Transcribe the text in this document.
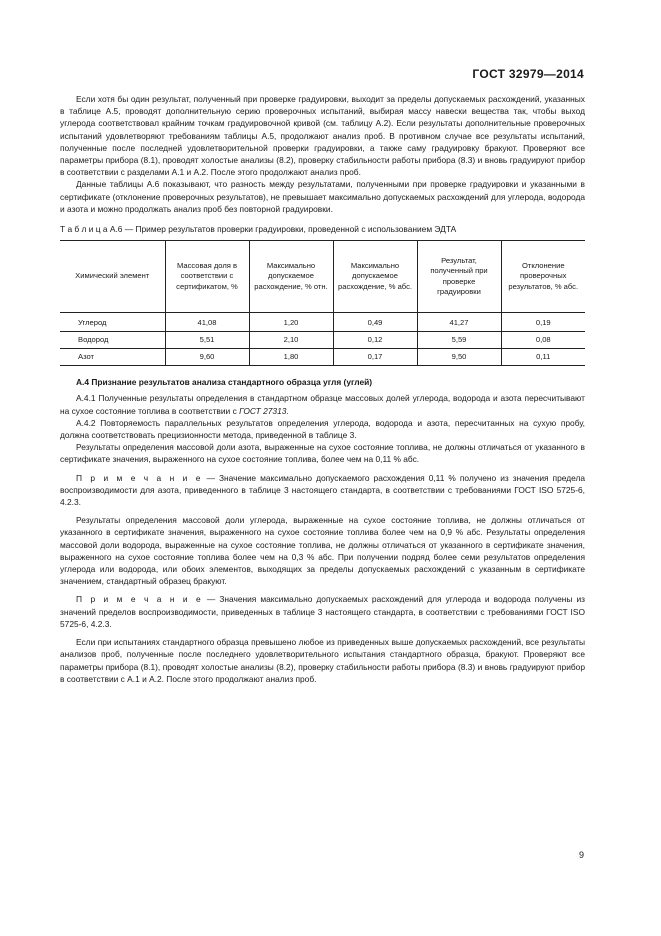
ГОСТ 32979—2014

Если хотя бы один результат, полученный при проверке градуировки, выходит за пределы допускаемых расхождений, указанных в таблице А.5, проводят дополнительную серию проверочных испытаний, выбирая массу навески вещества так, чтобы выход углерода соответствовал крайним точкам градуировочной кривой (см. таблицу А.2). Если результаты дополнительные проверочных испытаний удовлетворяют требованиям таблицы А.5, продолжают анализ проб. В противном случае все результаты испытаний, полученные после последней удовлетворительной проверки градуировки, а также саму градуировку бракуют. Проверяют все параметры прибора (8.1), проводят холостые анализы (8.2), проверку стабильности работы прибора (8.3) и вновь градуируют прибор в соответствии с разделами А.1 и А.2. После этого продолжают анализ проб.

Данные таблицы А.6 показывают, что разность между результатами, полученными при проверке градуировки и указанными в сертификате (отклонение проверочных результатов), не превышает максимально допускаемых расхождений для углерода, водорода и азота и можно продолжать анализ проб без повторной градуировки.

Т а б л и ц а А.6 — Пример результатов проверки градуировки, проведенной с использованием ЭДТА
Химический элемент	Массовая доля в соответствии с сертификатом, %	Максимально допускаемое расхождение, % отн.	Максимально допускаемое расхождение, % абс.	Результат, полученный при проверке градуировки	Отклонение проверочных результатов, % абс.
Углерод	41,08	1,20	0,49	41,27	0,19
Водород	5,51	2,10	0,12	5,59	0,08
Азот	9,60	1,80	0,17	9,50	0,11
А.4 Признание результатов анализа стандартного образца угля (углей)

А.4.1 Полученные результаты определения в стандартном образце массовых долей углерода, водорода и азота пересчитывают на сухое состояние топлива в соответствии с ГОСТ 27313.

А.4.2 Повторяемость параллельных результатов определения углерода, водорода и азота, пересчитанных на сухую пробу, должна соответствовать прецизионности метода, приведенной в таблице 3.

Результаты определения массовой доли азота, выраженные на сухое состояние топлива, не должны отличаться от указанного в сертификате значения, выраженного на сухое состояние топлива, более чем на 0,11 % абс.

П р и м е ч а н и е — Значение максимально допускаемого расхождения 0,11 % получено из значения предела воспроизводимости для азота, приведенного в таблице 3 настоящего стандарта, в соответствии с требованиями ГОСТ ISO 5725-6, 4.2.3.

Результаты определения массовой доли углерода, выраженные на сухое состояние топлива, не должны отличаться от указанного в сертификате значения, выраженного на сухое состояние топлива более чем на 0,9 % абс. Результаты определения массовой доли водорода, выраженные на сухое состояние топлива, не должны отличаться от указанного в сертификате значения, выраженного на сухое состояние топлива более чем на 0,3 % абс. При получении подряд более семи результатов определения углерода или водорода, или обоих элементов, выходящих за пределы допускаемых расхождений с указанным в сертификате значением, стандартный образец бракуют.

П р и м е ч а н и е — Значения максимально допускаемых расхождений для углерода и водорода получены из значений пределов воспроизводимости, приведенных в таблице 3 настоящего стандарта, в соответствии с требованиями ГОСТ ISO 5725-6, 4.2.3.

Если при испытаниях стандартного образца превышено любое из приведенных выше допускаемых расхождений, все результаты анализов проб, полученные после последнего удовлетворительного испытания стандартного образца, бракуют. Проверяют все параметры прибора (8.1), проводят холостые анализы (8.2), проверку стабильности работы прибора (8.3) и вновь градуируют прибор в соответствии с А.1 и А.2. После этого продолжают анализ проб.

9
